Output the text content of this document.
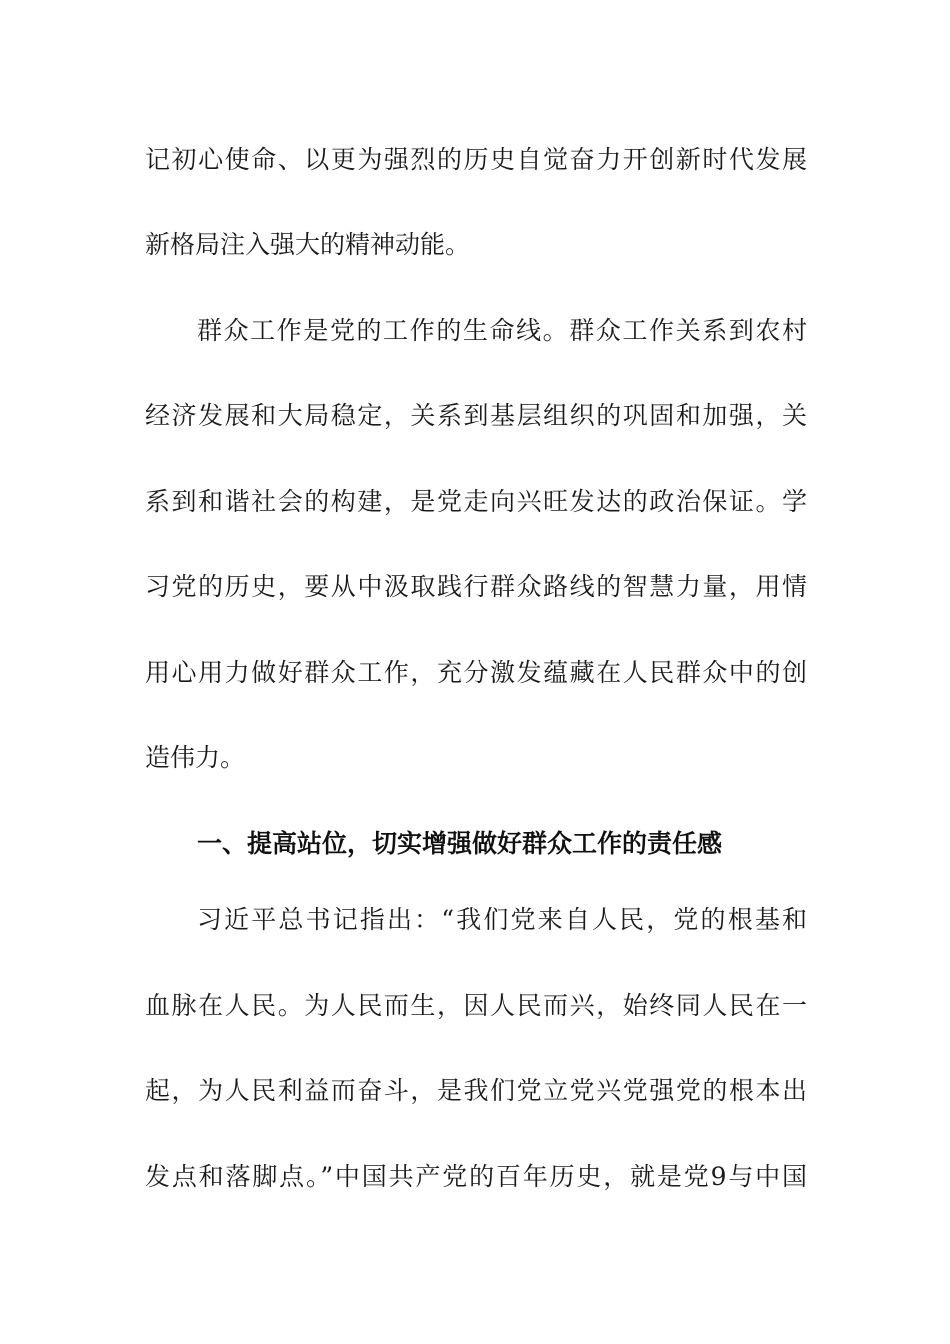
记初心使命、以更为强烈的历史自觉奋力开创新时代发展
新格局注入强大的精神动能。
群众工作是党的工作的生命线。群众工作关系到农村
经济发展和大局稳定，关系到基层组织的巩固和加强，关
系到和谐社会的构建，是党走向兴旺发达的政治保证。学
习党的历史，要从中汲取践行群众路线的智慧力量，用情
用心用力做好群众工作，充分激发蕴藏在人民群众中的创
造伟力。
一、提高站位，切实增强做好群众工作的责任感
习近平总书记指出：“我们党来自人民，党的根基和
血脉在人民。为人民而生，因人民而兴，始终同人民在一
起，为人民利益而奋斗，是我们党立党兴党强党的根本出
发点和落脚点。”中国共产党的百年历史，就是党9与中国
